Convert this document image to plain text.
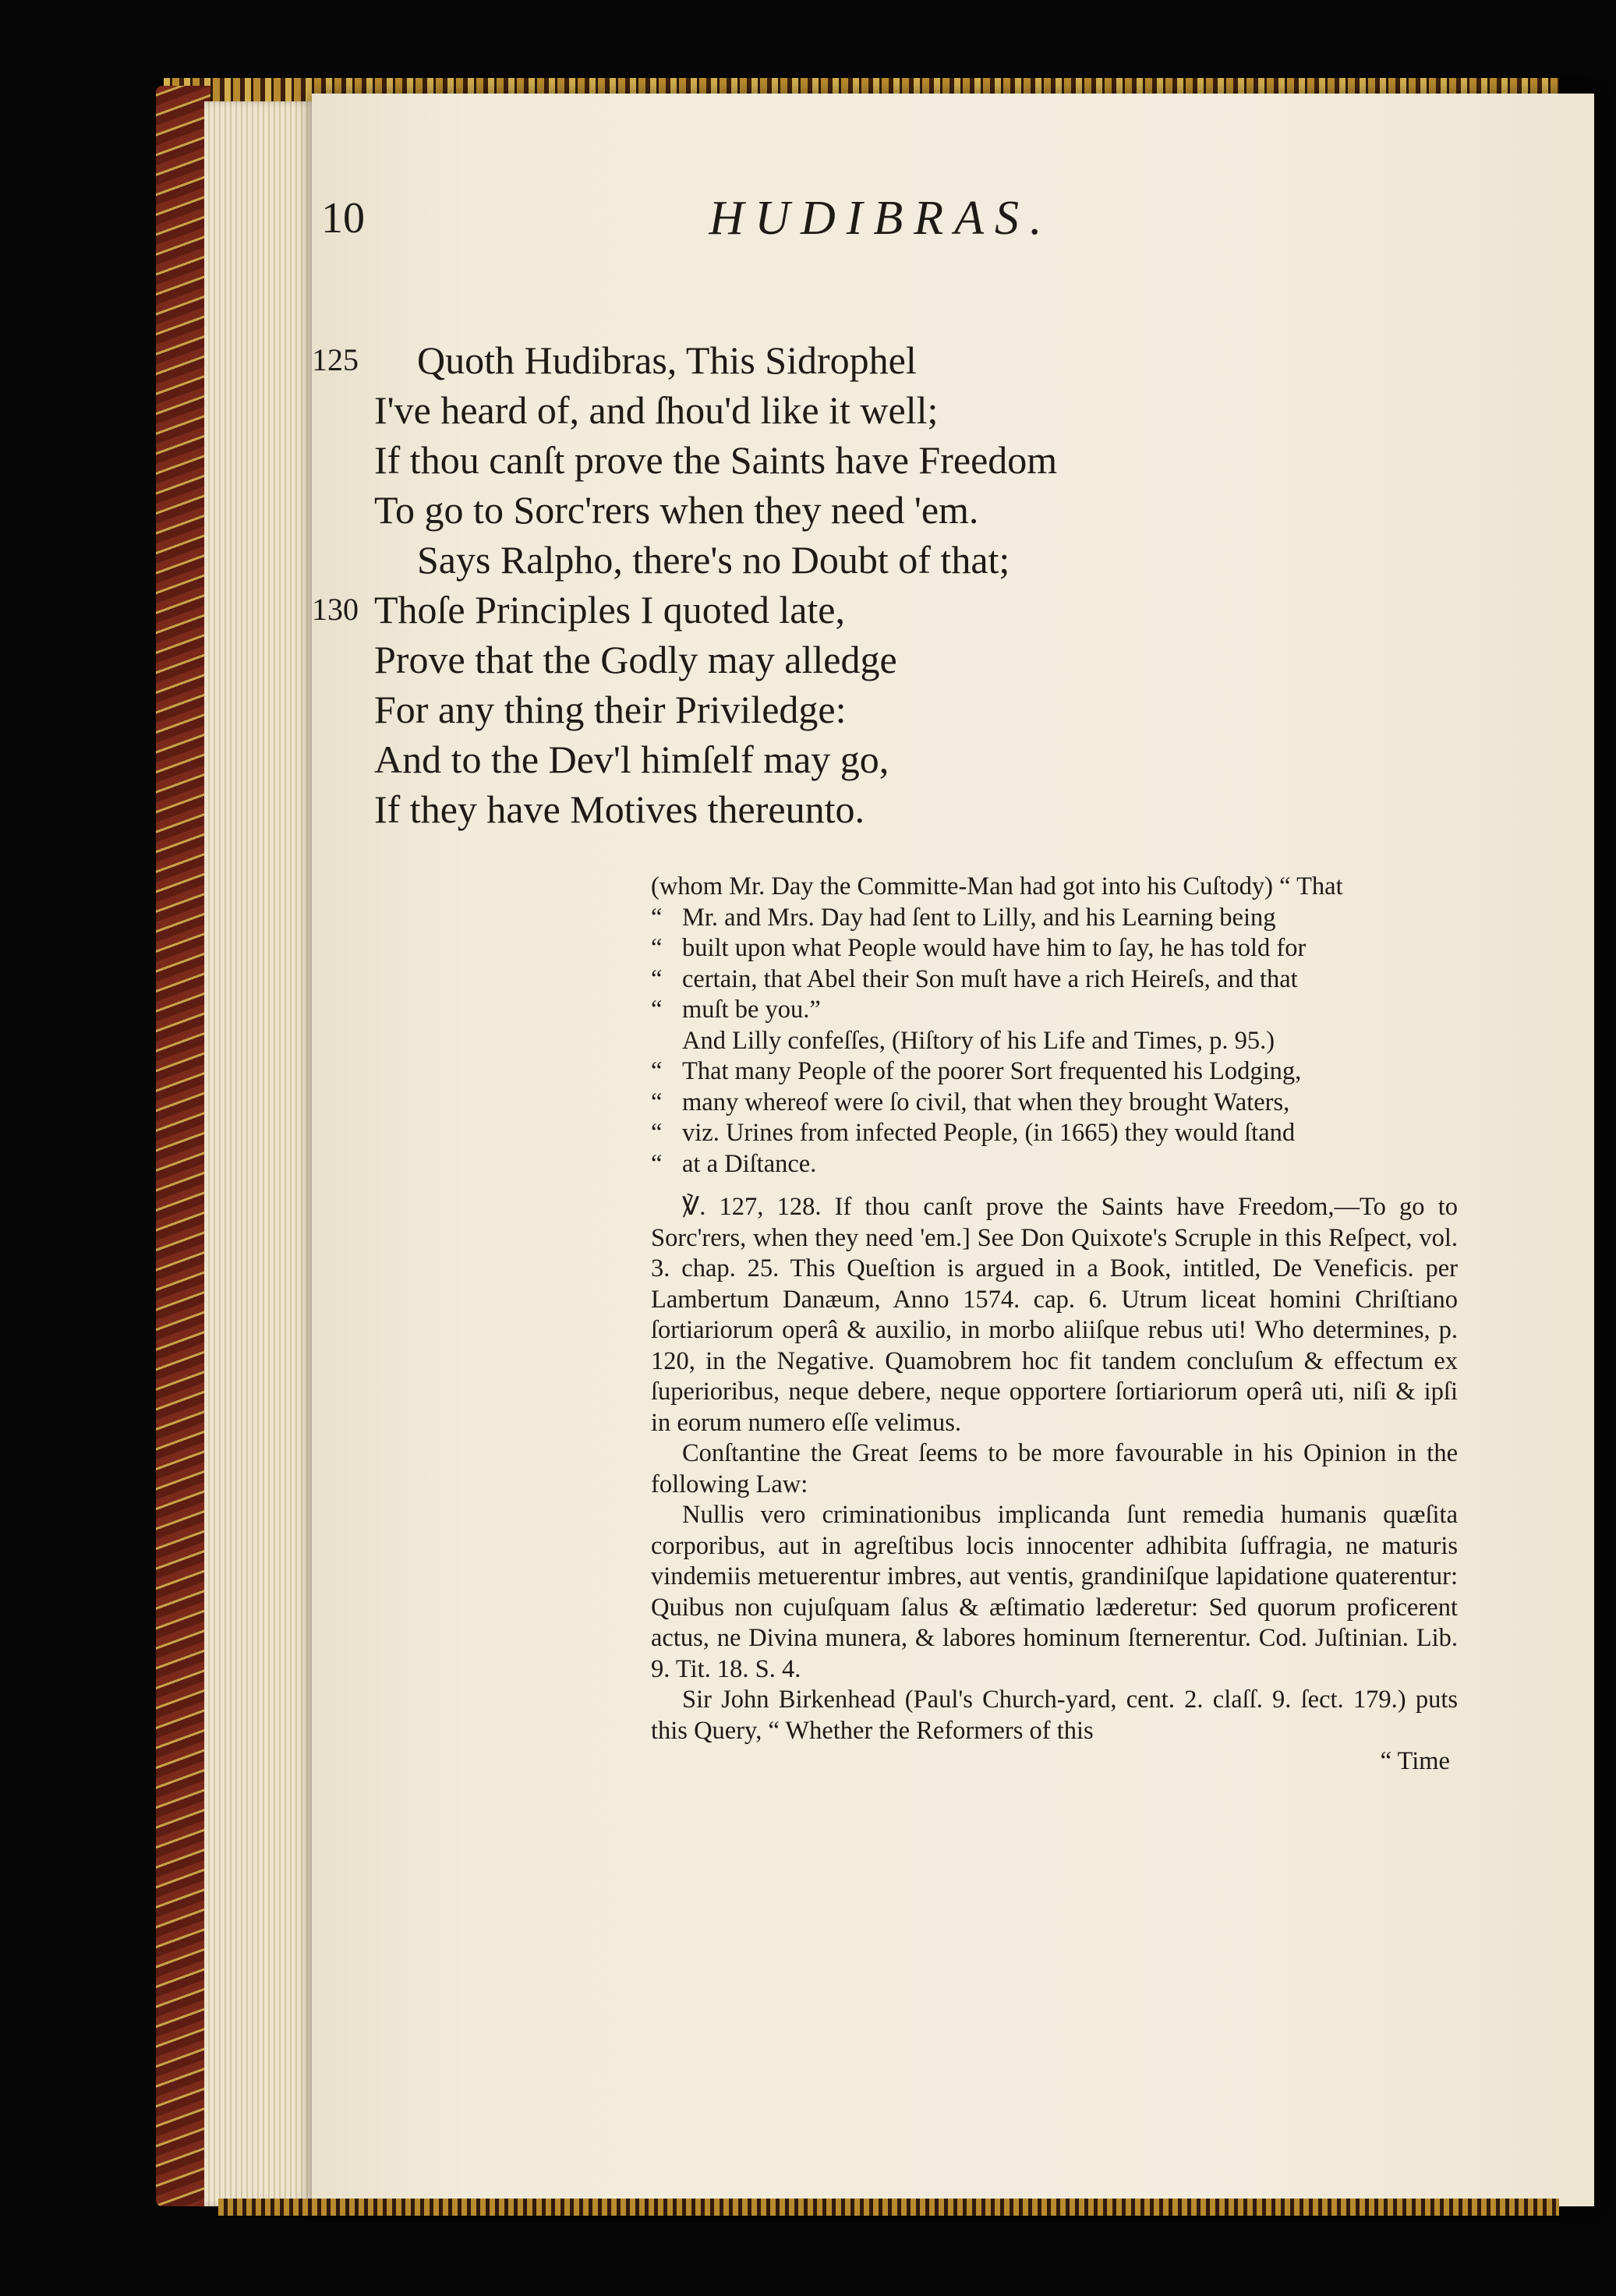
10	HUDIBRAS.
125 Quoth Hudibras, This Sidrophel
I've heard of, and ſhou'd like it well;
If thou canſt prove the Saints have Freedom
To go to Sorc'rers when they need 'em.
Says Ralpho, there's no Doubt of that;
130 Thoſe Principles I quoted late,
Prove that the Godly may alledge
For any thing their Priviledge:
And to the Dev'l himſelf may go,
If they have Motives thereunto.

(whom Mr. Day the Committe-Man had got into his Cuſtody) “ That

“ Mr. and Mrs. Day had ſent to Lilly, and his Learning being

“ built upon what People would have him to ſay, he has told for

“ certain, that Abel their Son muſt have a rich Heireſs, and that

“ muſt be you.”

And Lilly confeſſes, (Hiſtory of his Life and Times, p. 95.)

“ That many People of the poorer Sort frequented his Lodging,

“ many whereof were ſo civil, that when they brought Waters,

“ viz. Urines from infected People, (in 1665) they would ſtand

“ at a Diſtance.

℣. 127, 128. If thou canſt prove the Saints have Freedom,—To go to Sorc'rers, when they need 'em.] See Don Quixote's Scruple in this Reſpect, vol. 3. chap. 25. This Queſtion is argued in a Book, intitled, De Veneficis. per Lambertum Danæum, Anno 1574. cap. 6. Utrum liceat homini Chriſtiano ſortiariorum operâ & auxilio, in morbo aliiſque rebus uti! Who determines, p. 120, in the Negative. Quamobrem hoc fit tandem concluſum & effectum ex ſuperioribus, neque debere, neque opportere ſortiariorum operâ uti, niſi & ipſi in eorum numero eſſe velimus.

Conſtantine the Great ſeems to be more favourable in his Opinion in the following Law:

Nullis vero criminationibus implicanda ſunt remedia humanis quæſita corporibus, aut in agreſtibus locis innocenter adhibita ſuffragia, ne maturis vindemiis metuerentur imbres, aut ventis, grandiniſque lapidatione quaterentur: Quibus non cujuſquam ſalus & æſtimatio læderetur: Sed quorum proficerent actus, ne Divina munera, & labores hominum ſternerentur. Cod. Juſtinian. Lib. 9. Tit. 18. S. 4.

Sir John Birkenhead (Paul's Church-yard, cent. 2. claſſ. 9. ſect. 179.) puts this Query, “ Whether the Reformers of this

“ Time
